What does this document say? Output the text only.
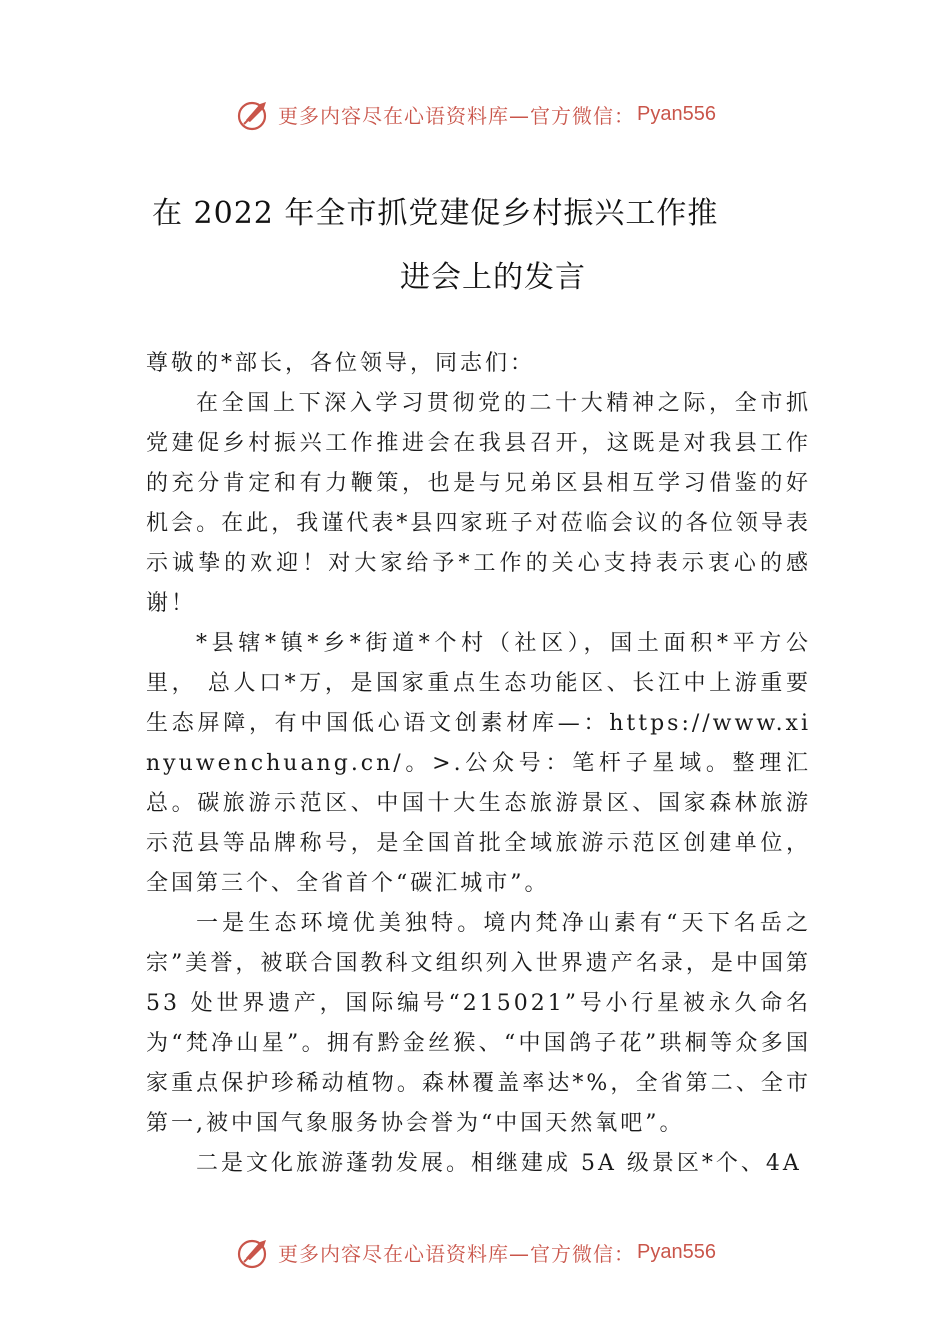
更多内容尽在心语资料库—官方微信： Pyan556
在 2022 年全市抓党建促乡村振兴工作推
进会上的发言

尊敬的*部长，各位领导，同志们：

在全国上下深入学习贯彻党的二十大精神之际，全市抓党建促乡村振兴工作推进会在我县召开，这既是对我县工作的充分肯定和有力鞭策，也是与兄弟区县相互学习借鉴的好机会。在此，我谨代表*县四家班子对莅临会议的各位领导表示诚挚的欢迎！对大家给予*工作的关心支持表示衷心的感谢！

*县辖*镇*乡*街道*个村（社区），国土面积*平方公里， 总人口*万，是国家重点生态功能区、长江中上游重要生态屏障，有中国低心语文创素材库—：https://www.xinyuwenchuang.cn/。>.公众号：笔杆子星域。整理汇总。碳旅游示范区、中国十大生态旅游景区、国家森林旅游示范县等品牌称号，是全国首批全域旅游示范区创建单位，全国第三个、全省首个“碳汇城市”。

一是生态环境优美独特。境内梵净山素有“天下名岳之宗”美誉，被联合国教科文组织列入世界遗产名录，是中国第 53 处世界遗产，国际编号“215021”号小行星被永久命名为“梵净山星”。拥有黔金丝猴、“中国鸽子花”珙桐等众多国家重点保护珍稀动植物。森林覆盖率达*%，全省第二、全市第一,被中国气象服务协会誉为“中国天然氧吧”。

二是文化旅游蓬勃发展。相继建成 5A 级景区*个、4A

更多内容尽在心语资料库—官方微信： Pyan556
